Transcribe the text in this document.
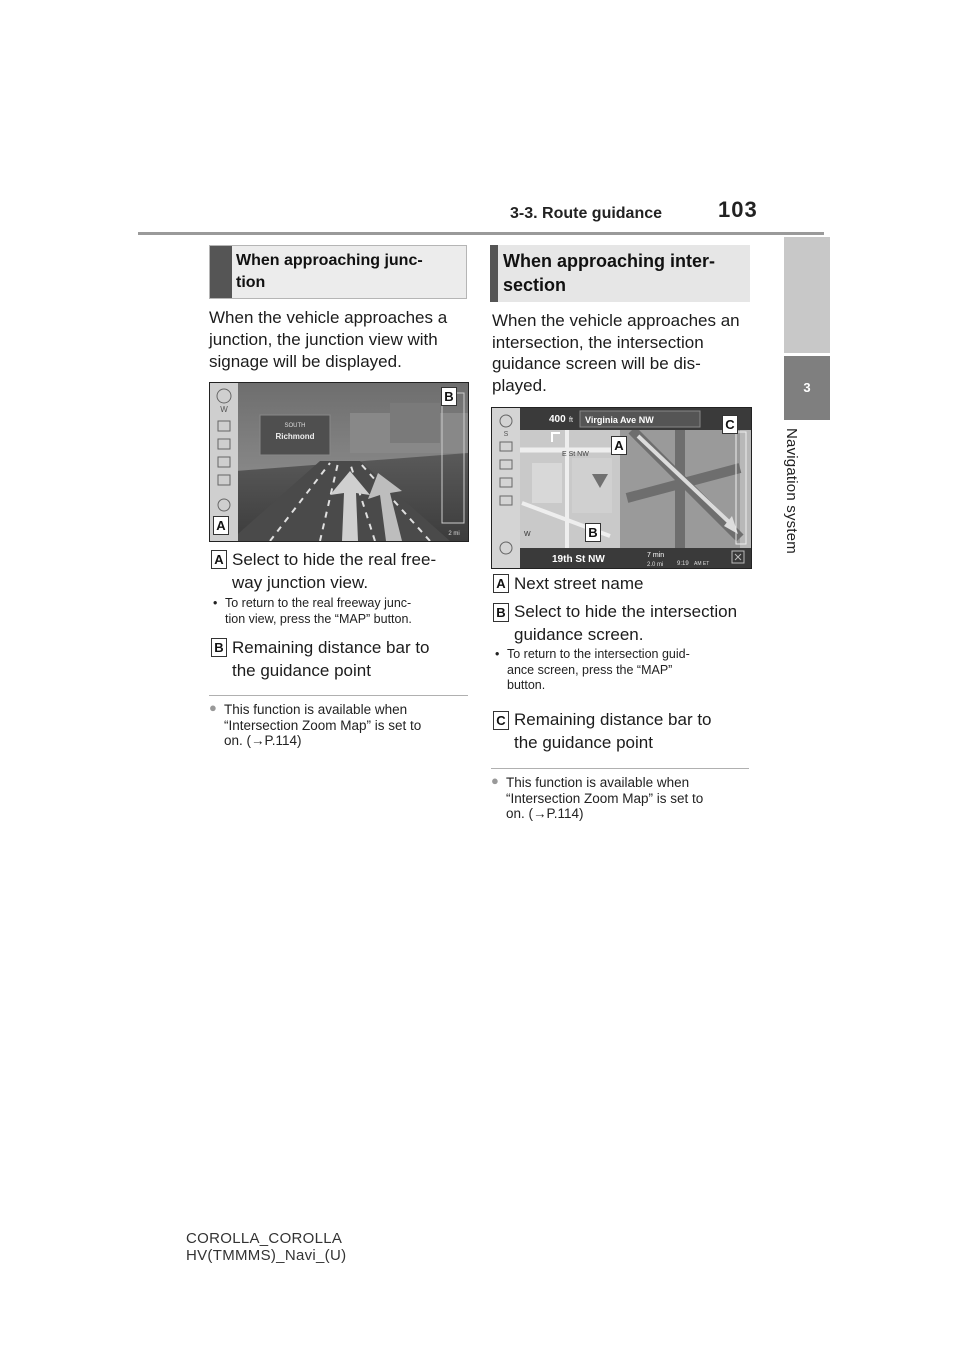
3-3. Route guidance	103
3
Navigation system
When approaching junc-
tion
When the vehicle approaches a junction, the junction view with signage will be displayed.
SOUTH
Richmond
W
2 mi
B
A
A Select to hide the real free-
way junction view.
• To return to the real freeway junc-
tion view, press the “MAP” button.
B Remaining distance bar to
the guidance point
● This function is available when
“Intersection Zoom Map” is set to
on. (→P.114)
When approaching inter-
section
When the vehicle approaches an intersection, the intersection guidance screen will be dis- played.
400 ft Virginia Ave NW
E St NW
S
W
19th St NW	7 min
2.0 mi 9:19 AM ET
A
B
C
A Next street name
B Select to hide the intersection
guidance screen.
• To return to the intersection guid-
ance screen, press the “MAP”
button.
C Remaining distance bar to
the guidance point
● This function is available when
“Intersection Zoom Map” is set to
on. (→P.114)
COROLLA_COROLLA
HV(TMMMS)_Navi_(U)
